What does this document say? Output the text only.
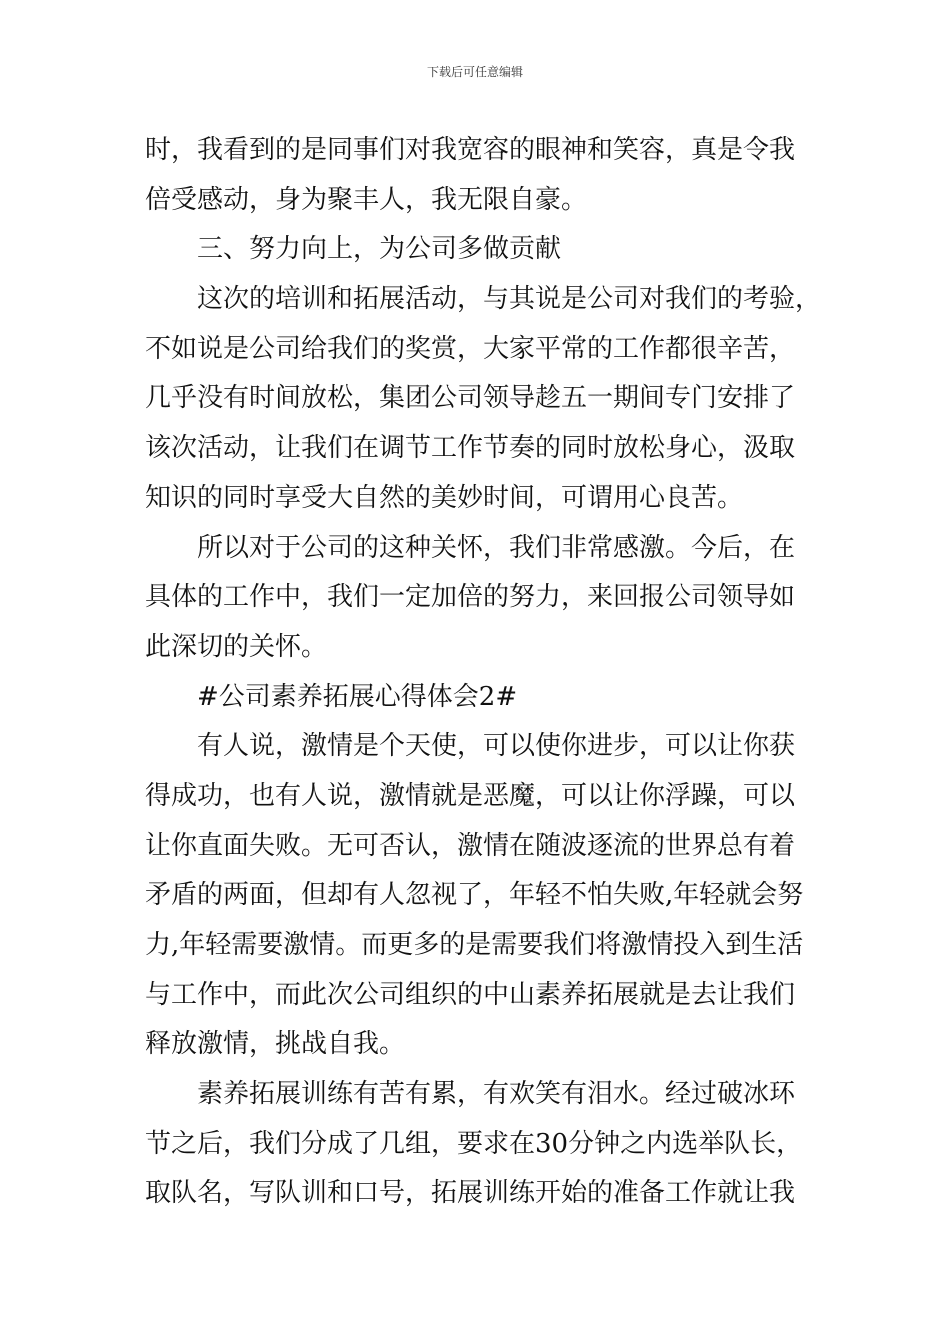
下载后可任意编辑
时，我看到的是同事们对我宽容的眼神和笑容，真是令我
倍受感动，身为聚丰人，我无限自豪。
三、努力向上，为公司多做贡献
这次的培训和拓展活动，与其说是公司对我们的考验，
不如说是公司给我们的奖赏，大家平常的工作都很辛苦，
几乎没有时间放松，集团公司领导趁五一期间专门安排了
该次活动，让我们在调节工作节奏的同时放松身心，汲取
知识的同时享受大自然的美妙时间，可谓用心良苦。
所以对于公司的这种关怀，我们非常感激。今后，在
具体的工作中，我们一定加倍的努力，来回报公司领导如
此深切的关怀。
#公司素养拓展心得体会2#
有人说，激情是个天使，可以使你进步，可以让你获
得成功，也有人说，激情就是恶魔，可以让你浮躁，可以
让你直面失败。无可否认，激情在随波逐流的世界总有着
矛盾的两面，但却有人忽视了，年轻不怕失败,年轻就会努
力,年轻需要激情。而更多的是需要我们将激情投入到生活
与工作中，而此次公司组织的中山素养拓展就是去让我们
释放激情，挑战自我。
素养拓展训练有苦有累，有欢笑有泪水。经过破冰环
节之后，我们分成了几组，要求在30分钟之内选举队长，
取队名，写队训和口号，拓展训练开始的准备工作就让我
